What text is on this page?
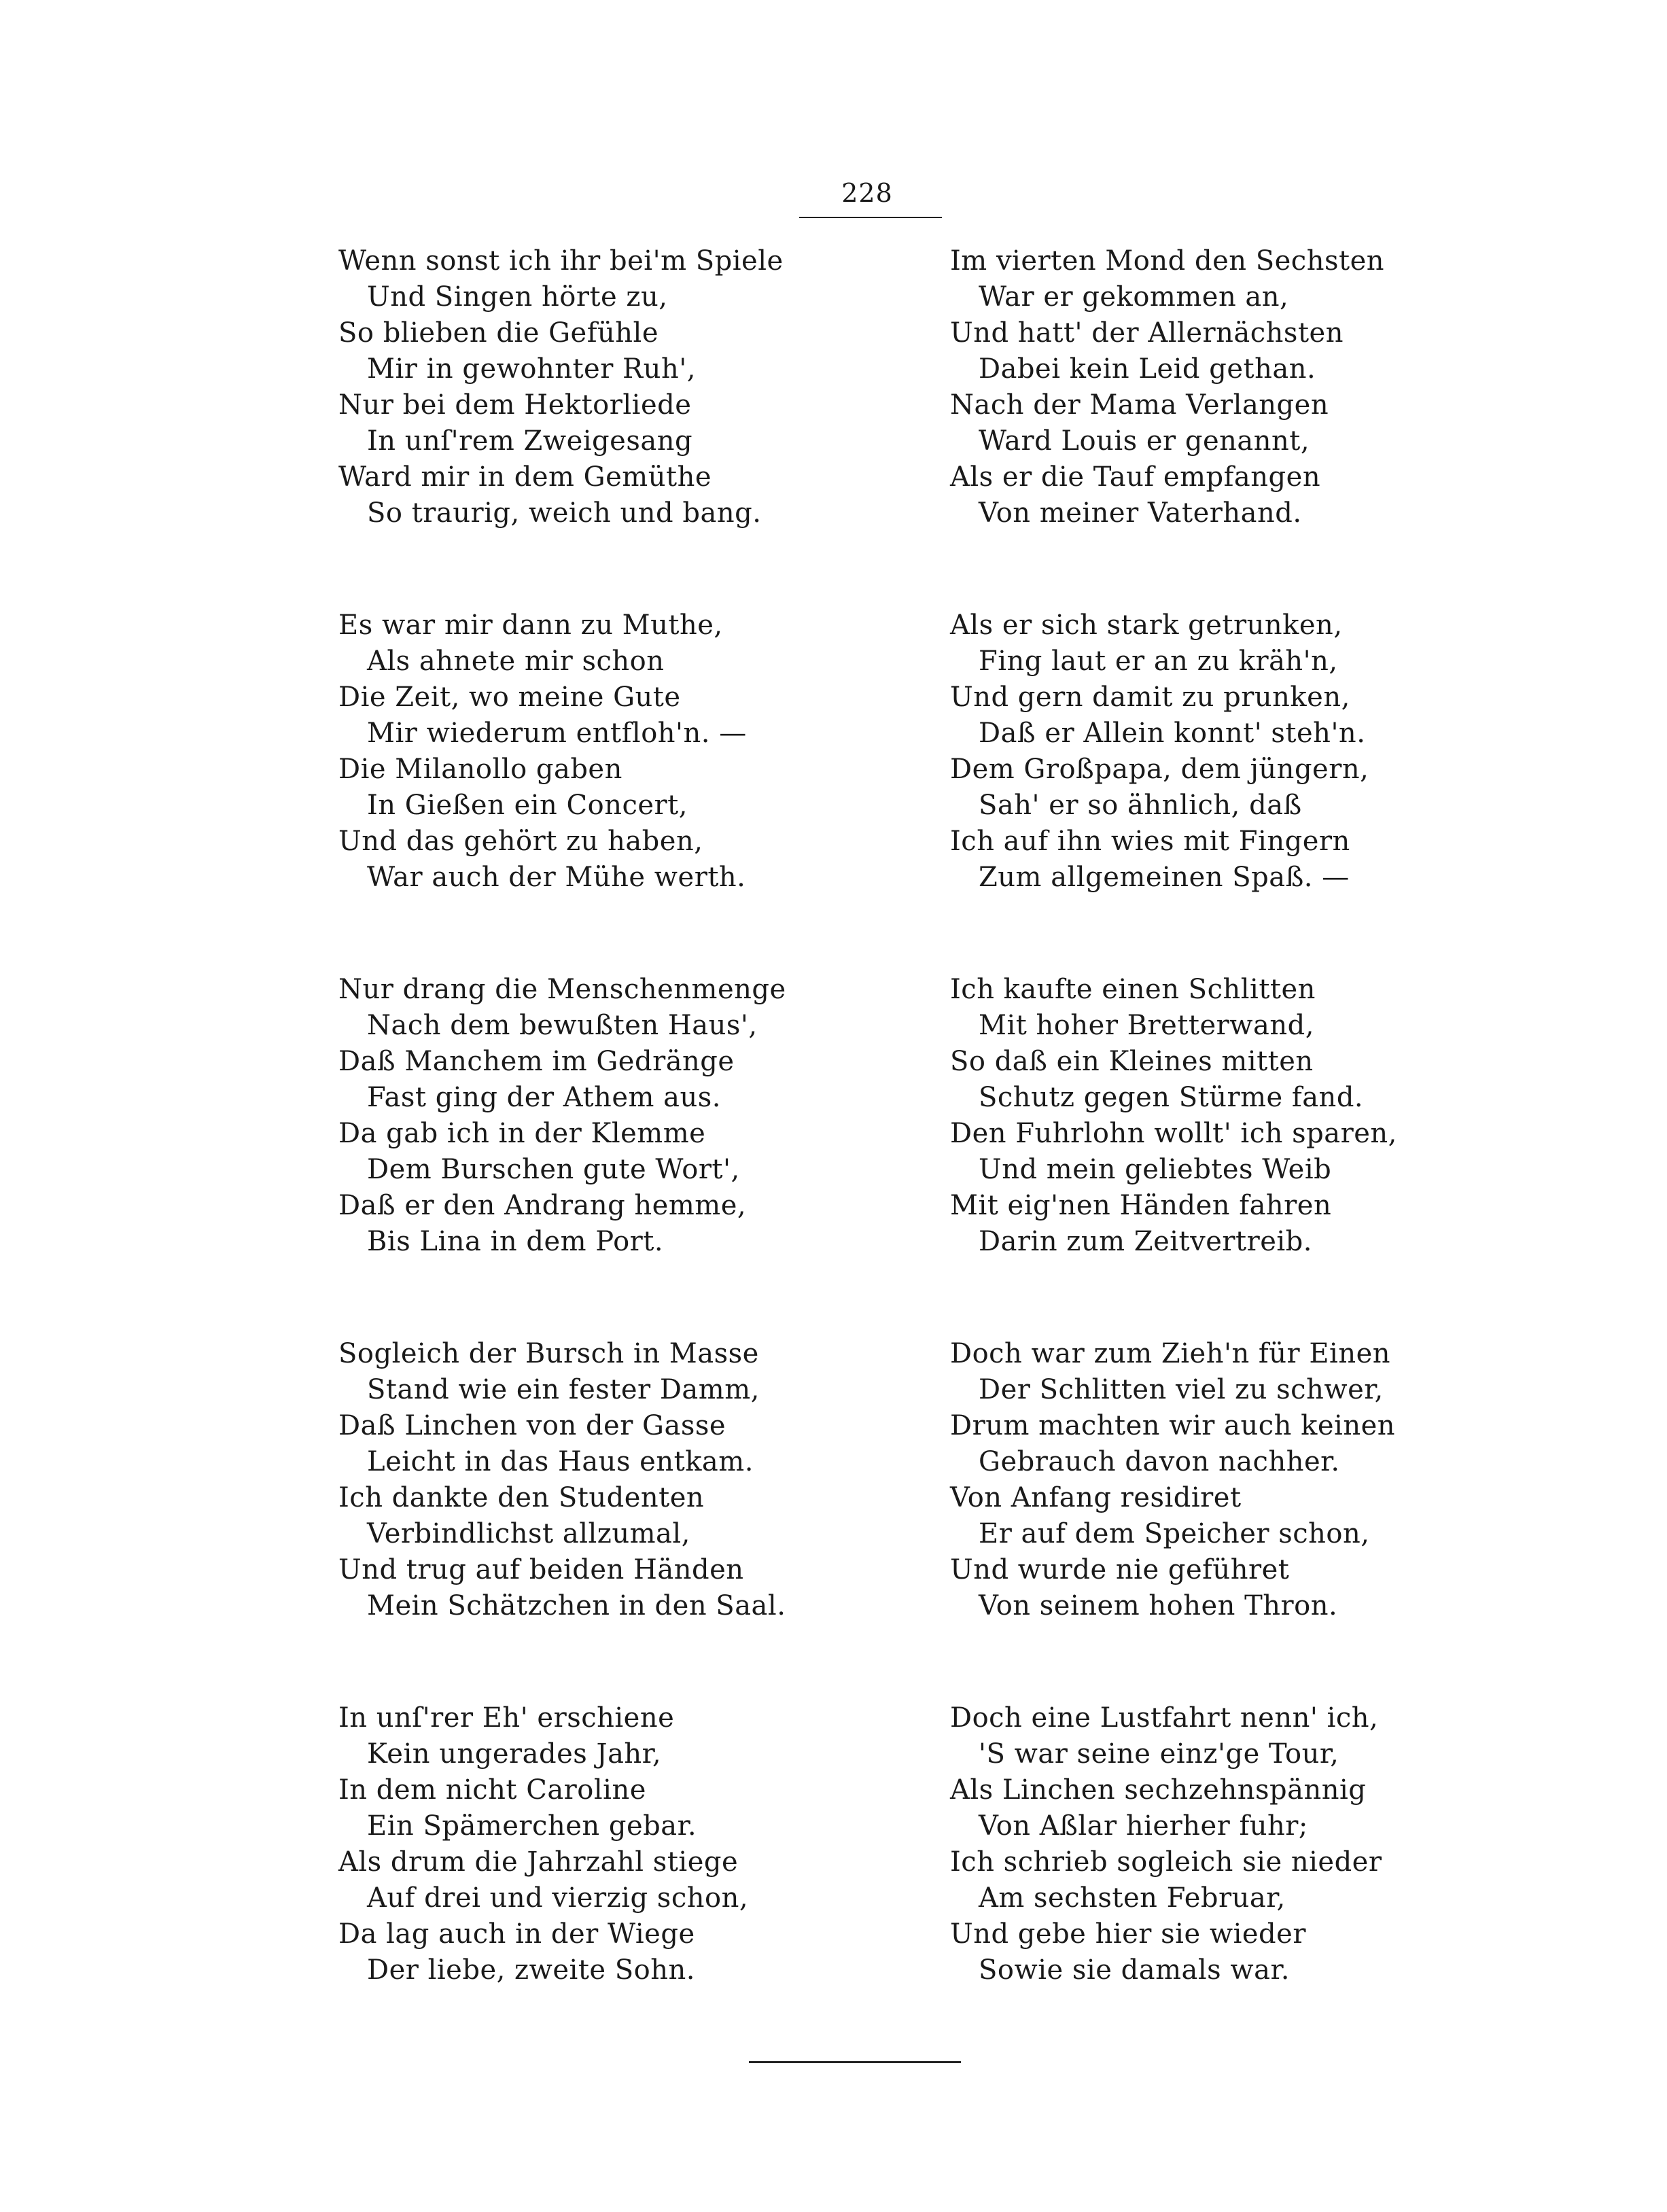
228
Wenn sonst ich ihr bei'm Spiele
Und Singen hörte zu,
So blieben die Gefühle
Mir in gewohnter Ruh',
Nur bei dem Hektorliede
In unſ'rem Zweigesang
Ward mir in dem Gemüthe
So traurig, weich und bang.
Es war mir dann zu Muthe,
Als ahnete mir schon
Die Zeit, wo meine Gute
Mir wiederum entfloh'n. —
Die Milanollo gaben
In Gießen ein Concert,
Und das gehört zu haben,
War auch der Mühe werth.
Nur drang die Menschenmenge
Nach dem bewußten Haus',
Daß Manchem im Gedränge
Fast ging der Athem aus.
Da gab ich in der Klemme
Dem Burschen gute Wort',
Daß er den Andrang hemme,
Bis Lina in dem Port.
Sogleich der Bursch in Masse
Stand wie ein fester Damm,
Daß Linchen von der Gasse
Leicht in das Haus entkam.
Ich dankte den Studenten
Verbindlichst allzumal,
Und trug auf beiden Händen
Mein Schätzchen in den Saal.
In unſ'rer Eh' erschiene
Kein ungerades Jahr,
In dem nicht Caroline
Ein Spämerchen gebar.
Als drum die Jahrzahl stiege
Auf drei und vierzig schon,
Da lag auch in der Wiege
Der liebe, zweite Sohn.
Im vierten Mond den Sechsten
War er gekommen an,
Und hatt' der Allernächsten
Dabei kein Leid gethan.
Nach der Mama Verlangen
Ward Louis er genannt,
Als er die Tauf empfangen
Von meiner Vaterhand.
Als er sich stark getrunken,
Fing laut er an zu kräh'n,
Und gern damit zu prunken,
Daß er Allein konnt' steh'n.
Dem Großpapa, dem jüngern,
Sah' er so ähnlich, daß
Ich auf ihn wies mit Fingern
Zum allgemeinen Spaß. —
Ich kaufte einen Schlitten
Mit hoher Bretterwand,
So daß ein Kleines mitten
Schutz gegen Stürme fand.
Den Fuhrlohn wollt' ich sparen,
Und mein geliebtes Weib
Mit eig'nen Händen fahren
Darin zum Zeitvertreib.
Doch war zum Zieh'n für Einen
Der Schlitten viel zu schwer,
Drum machten wir auch keinen
Gebrauch davon nachher.
Von Anfang residiret
Er auf dem Speicher schon,
Und wurde nie geführet
Von seinem hohen Thron.
Doch eine Lustfahrt nenn' ich,
'S war seine einz'ge Tour,
Als Linchen sechzehnspännig
Von Aßlar hierher fuhr;
Ich schrieb sogleich sie nieder
Am sechsten Februar,
Und gebe hier sie wieder
Sowie sie damals war.
